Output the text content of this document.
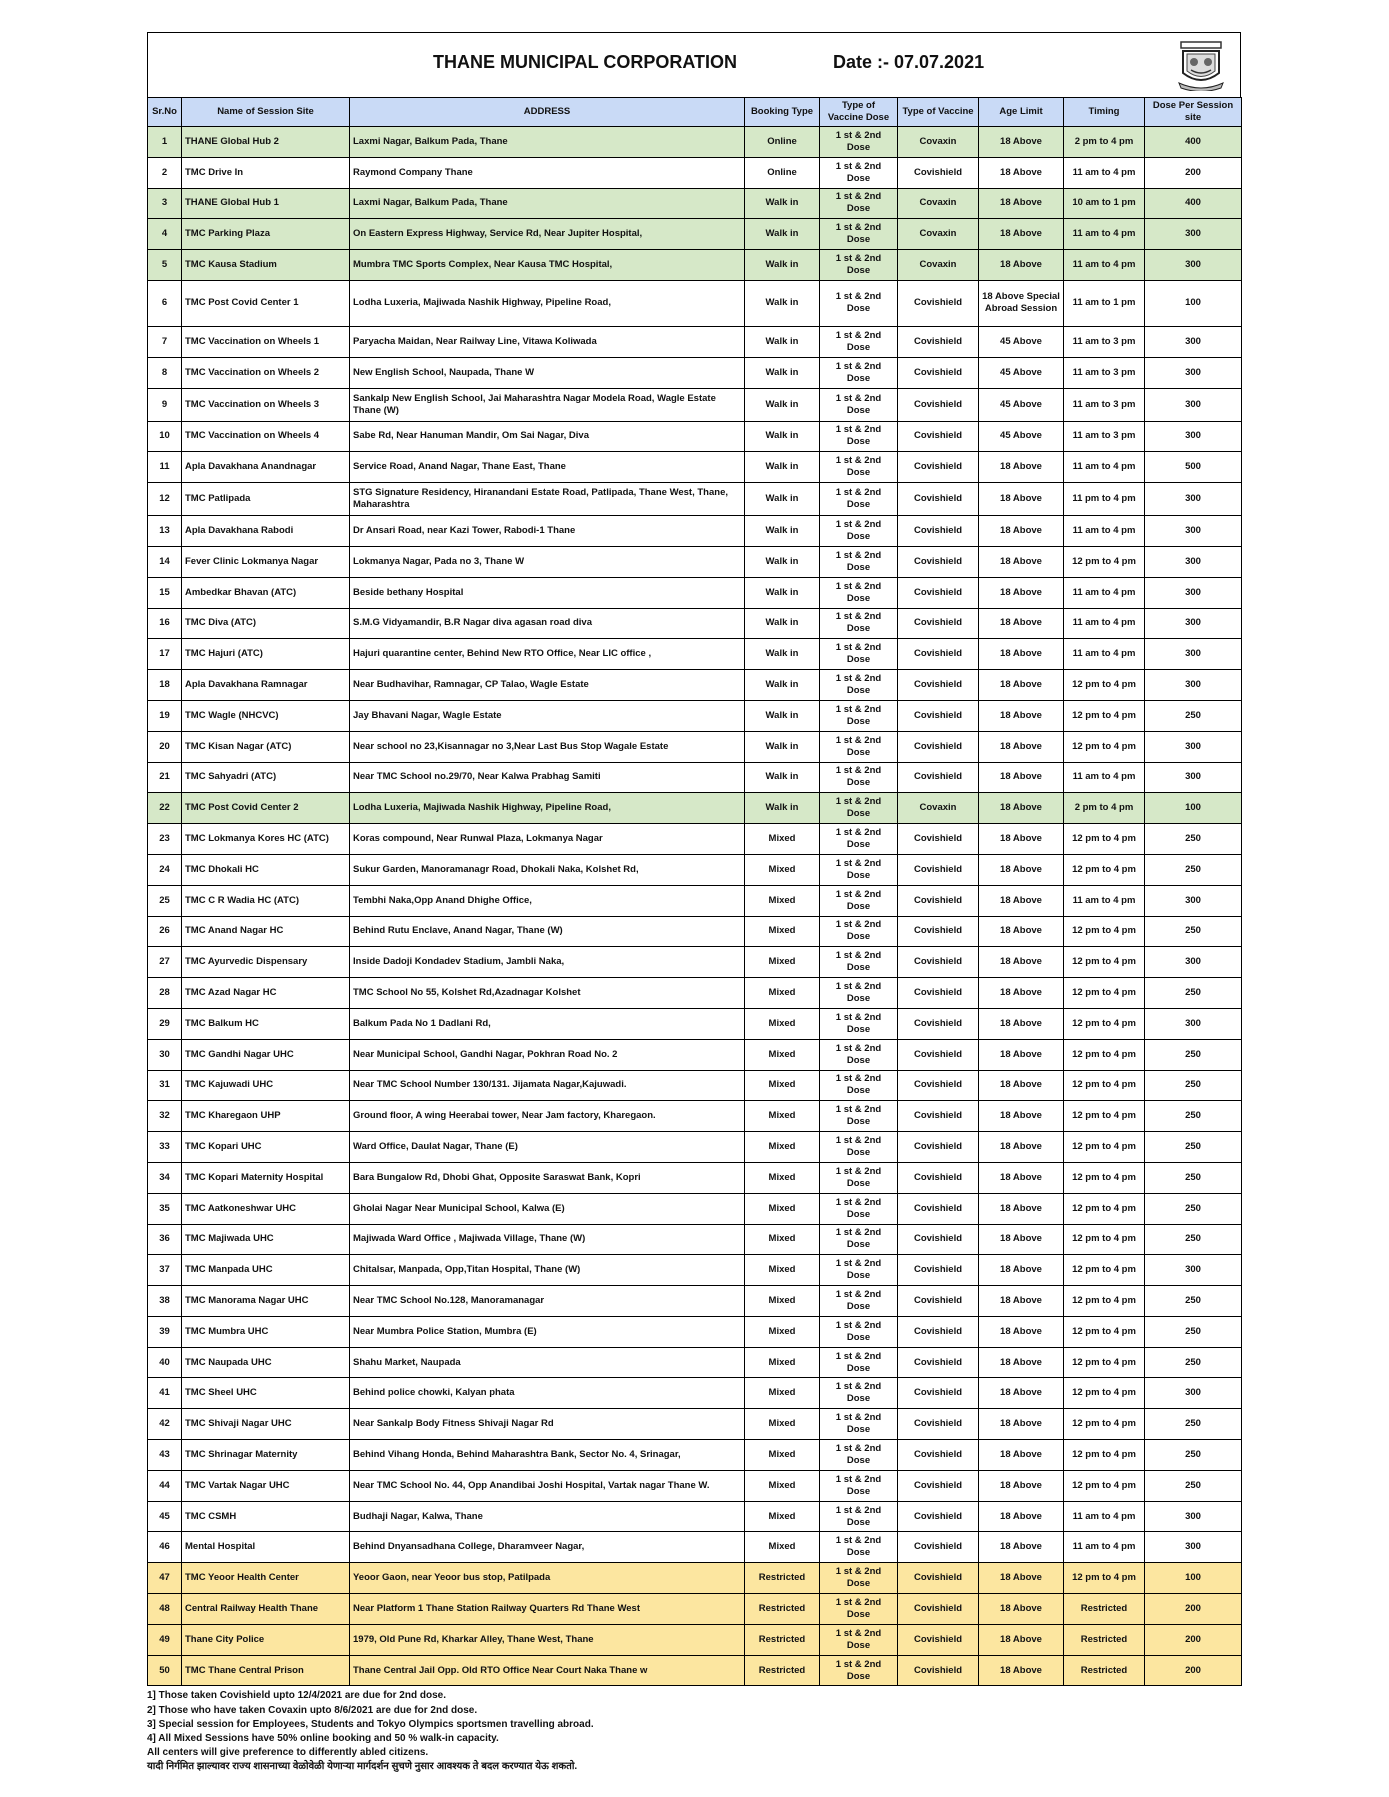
THANE MUNICIPAL CORPORATION	Date :- 07.07.2021
Sr.No	Name of Session Site	ADDRESS	Booking Type	Type of Vaccine Dose	Type of Vaccine	Age Limit	Timing	Dose Per Session site
1	THANE Global Hub 2	Laxmi Nagar, Balkum Pada, Thane	Online	1 st & 2nd Dose	Covaxin	18 Above	2 pm to 4 pm	400
2	TMC Drive In	Raymond Company Thane	Online	1 st & 2nd Dose	Covishield	18 Above	11 am to 4 pm	200
3	THANE Global Hub 1	Laxmi Nagar, Balkum Pada, Thane	Walk in	1 st & 2nd Dose	Covaxin	18 Above	10 am to 1 pm	400
4	TMC Parking Plaza	On Eastern Express Highway, Service Rd, Near Jupiter Hospital,	Walk in	1 st & 2nd Dose	Covaxin	18 Above	11 am to 4 pm	300
5	TMC Kausa Stadium	Mumbra TMC Sports Complex, Near Kausa TMC Hospital,	Walk in	1 st & 2nd Dose	Covaxin	18 Above	11 am to 4 pm	300
6	TMC Post Covid Center 1	Lodha Luxeria, Majiwada Nashik Highway, Pipeline Road,	Walk in	1 st & 2nd Dose	Covishield	18 Above Special Abroad Session	11 am to 1 pm	100
7	TMC Vaccination on Wheels 1	Paryacha Maidan, Near Railway Line, Vitawa Koliwada	Walk in	1 st & 2nd Dose	Covishield	45 Above	11 am to 3 pm	300
8	TMC Vaccination on Wheels 2	New English School, Naupada, Thane W	Walk in	1 st & 2nd Dose	Covishield	45 Above	11 am to 3 pm	300
9	TMC Vaccination on Wheels 3	Sankalp New English School, Jai Maharashtra Nagar Modela Road, Wagle Estate Thane (W)	Walk in	1 st & 2nd Dose	Covishield	45 Above	11 am to 3 pm	300
10	TMC Vaccination on Wheels 4	Sabe Rd, Near Hanuman Mandir, Om Sai Nagar, Diva	Walk in	1 st & 2nd Dose	Covishield	45 Above	11 am to 3 pm	300
11	Apla Davakhana Anandnagar	Service Road, Anand Nagar, Thane East, Thane	Walk in	1 st & 2nd Dose	Covishield	18 Above	11 am to 4 pm	500
12	TMC Patlipada	STG Signature Residency, Hiranandani Estate Road, Patlipada, Thane West, Thane, Maharashtra	Walk in	1 st & 2nd Dose	Covishield	18 Above	11 pm to 4 pm	300
13	Apla Davakhana Rabodi	Dr Ansari Road, near Kazi Tower, Rabodi-1 Thane	Walk in	1 st & 2nd Dose	Covishield	18 Above	11 am to 4 pm	300
14	Fever Clinic Lokmanya Nagar	Lokmanya Nagar, Pada no 3, Thane W	Walk in	1 st & 2nd Dose	Covishield	18 Above	12 pm to 4 pm	300
15	Ambedkar Bhavan (ATC)	Beside bethany Hospital	Walk in	1 st & 2nd Dose	Covishield	18 Above	11 am to 4 pm	300
16	TMC Diva (ATC)	S.M.G Vidyamandir, B.R Nagar diva agasan road diva	Walk in	1 st & 2nd Dose	Covishield	18 Above	11 am to 4 pm	300
17	TMC Hajuri (ATC)	Hajuri quarantine center, Behind New RTO Office, Near LIC office ,	Walk in	1 st & 2nd Dose	Covishield	18 Above	11 am to 4 pm	300
18	Apla Davakhana Ramnagar	Near Budhavihar, Ramnagar, CP Talao, Wagle Estate	Walk in	1 st & 2nd Dose	Covishield	18 Above	12 pm to 4 pm	300
19	TMC Wagle (NHCVC)	Jay Bhavani Nagar, Wagle Estate	Walk in	1 st & 2nd Dose	Covishield	18 Above	12 pm to 4 pm	250
20	TMC Kisan Nagar (ATC)	Near school no 23,Kisannagar no 3,Near Last Bus Stop Wagale Estate	Walk in	1 st & 2nd Dose	Covishield	18 Above	12 pm to 4 pm	300
21	TMC Sahyadri (ATC)	Near TMC School no.29/70, Near Kalwa Prabhag Samiti	Walk in	1 st & 2nd Dose	Covishield	18 Above	11 am to 4 pm	300
22	TMC Post Covid Center 2	Lodha Luxeria, Majiwada Nashik Highway, Pipeline Road,	Walk in	1 st & 2nd Dose	Covaxin	18 Above	2 pm to 4 pm	100
23	TMC Lokmanya Kores HC (ATC)	Koras compound, Near Runwal Plaza, Lokmanya Nagar	Mixed	1 st & 2nd Dose	Covishield	18 Above	12 pm to 4 pm	250
24	TMC Dhokali HC	Sukur Garden, Manoramanagr Road, Dhokali Naka, Kolshet Rd,	Mixed	1 st & 2nd Dose	Covishield	18 Above	12 pm to 4 pm	250
25	TMC C R Wadia HC (ATC)	Tembhi Naka,Opp Anand Dhighe Office,	Mixed	1 st & 2nd Dose	Covishield	18 Above	11 am to 4 pm	300
26	TMC Anand Nagar HC	Behind Rutu Enclave, Anand Nagar, Thane (W)	Mixed	1 st & 2nd Dose	Covishield	18 Above	12 pm to 4 pm	250
27	TMC Ayurvedic Dispensary	Inside Dadoji Kondadev Stadium, Jambli Naka,	Mixed	1 st & 2nd Dose	Covishield	18 Above	12 pm to 4 pm	300
28	TMC Azad Nagar HC	TMC School No 55, Kolshet Rd,Azadnagar Kolshet	Mixed	1 st & 2nd Dose	Covishield	18 Above	12 pm to 4 pm	250
29	TMC Balkum HC	Balkum Pada No 1 Dadlani Rd,	Mixed	1 st & 2nd Dose	Covishield	18 Above	12 pm to 4 pm	300
30	TMC Gandhi Nagar UHC	Near Municipal School, Gandhi Nagar, Pokhran Road No. 2	Mixed	1 st & 2nd Dose	Covishield	18 Above	12 pm to 4 pm	250
31	TMC Kajuwadi UHC	Near TMC School Number 130/131. Jijamata Nagar,Kajuwadi.	Mixed	1 st & 2nd Dose	Covishield	18 Above	12 pm to 4 pm	250
32	TMC Kharegaon UHP	Ground floor, A wing Heerabai tower, Near Jam factory, Kharegaon.	Mixed	1 st & 2nd Dose	Covishield	18 Above	12 pm to 4 pm	250
33	TMC Kopari UHC	Ward Office, Daulat Nagar, Thane (E)	Mixed	1 st & 2nd Dose	Covishield	18 Above	12 pm to 4 pm	250
34	TMC Kopari Maternity Hospital	Bara Bungalow Rd, Dhobi Ghat, Opposite Saraswat Bank, Kopri	Mixed	1 st & 2nd Dose	Covishield	18 Above	12 pm to 4 pm	250
35	TMC Aatkoneshwar UHC	Gholai Nagar Near Municipal School, Kalwa (E)	Mixed	1 st & 2nd Dose	Covishield	18 Above	12 pm to 4 pm	250
36	TMC Majiwada UHC	Majiwada Ward Office , Majiwada Village, Thane (W)	Mixed	1 st & 2nd Dose	Covishield	18 Above	12 pm to 4 pm	250
37	TMC Manpada UHC	Chitalsar, Manpada, Opp,Titan Hospital, Thane (W)	Mixed	1 st & 2nd Dose	Covishield	18 Above	12 pm to 4 pm	300
38	TMC Manorama Nagar UHC	Near TMC School No.128, Manoramanagar	Mixed	1 st & 2nd Dose	Covishield	18 Above	12 pm to 4 pm	250
39	TMC Mumbra UHC	Near Mumbra Police Station, Mumbra (E)	Mixed	1 st & 2nd Dose	Covishield	18 Above	12 pm to 4 pm	250
40	TMC Naupada UHC	Shahu Market, Naupada	Mixed	1 st & 2nd Dose	Covishield	18 Above	12 pm to 4 pm	250
41	TMC Sheel UHC	Behind police chowki, Kalyan phata	Mixed	1 st & 2nd Dose	Covishield	18 Above	12 pm to 4 pm	300
42	TMC Shivaji Nagar UHC	Near Sankalp Body Fitness Shivaji Nagar Rd	Mixed	1 st & 2nd Dose	Covishield	18 Above	12 pm to 4 pm	250
43	TMC Shrinagar Maternity	Behind Vihang Honda, Behind Maharashtra Bank, Sector No. 4, Srinagar,	Mixed	1 st & 2nd Dose	Covishield	18 Above	12 pm to 4 pm	250
44	TMC Vartak Nagar UHC	Near TMC School No. 44, Opp Anandibai Joshi Hospital, Vartak nagar Thane W.	Mixed	1 st & 2nd Dose	Covishield	18 Above	12 pm to 4 pm	250
45	TMC CSMH	Budhaji Nagar, Kalwa, Thane	Mixed	1 st & 2nd Dose	Covishield	18 Above	11 am to 4 pm	300
46	Mental Hospital	Behind Dnyansadhana College, Dharamveer Nagar,	Mixed	1 st & 2nd Dose	Covishield	18 Above	11 am to 4 pm	300
47	TMC Yeoor Health Center	Yeoor Gaon, near Yeoor bus stop, Patilpada	Restricted	1 st & 2nd Dose	Covishield	18 Above	12 pm to 4 pm	100
48	Central Railway Health Thane	Near Platform 1 Thane Station Railway Quarters Rd Thane West	Restricted	1 st & 2nd Dose	Covishield	18 Above	Restricted	200
49	Thane City Police	1979, Old Pune Rd, Kharkar Alley, Thane West, Thane	Restricted	1 st & 2nd Dose	Covishield	18 Above	Restricted	200
50	TMC Thane Central Prison	Thane Central Jail Opp. Old RTO Office Near Court Naka Thane w	Restricted	1 st & 2nd Dose	Covishield	18 Above	Restricted	200
1] Those taken Covishield upto 12/4/2021 are due for 2nd dose.
2] Those who have taken Covaxin upto 8/6/2021 are due for 2nd dose.
3] Special session for Employees, Students and Tokyo Olympics sportsmen travelling abroad.
4] All Mixed Sessions have 50% online booking and 50 % walk-in capacity.
All centers will give preference to differently abled citizens.
यादी निर्गमित झाल्यावर राज्य शासनाच्या वेळोवेळी येणाऱ्या मार्गदर्शन सुचणे नुसार आवश्यक ते बदल करण्यात येऊ शकतो.
